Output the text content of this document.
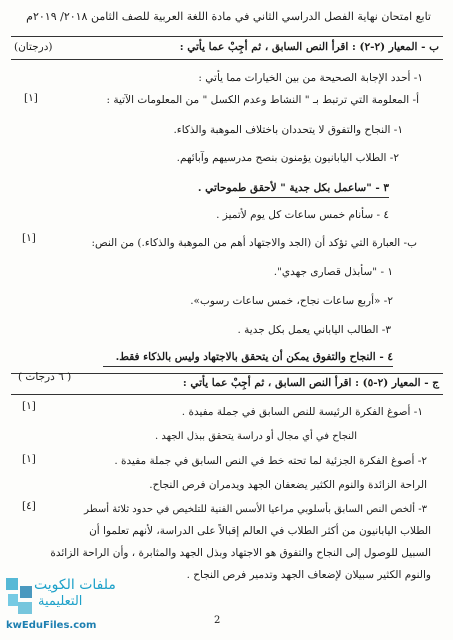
تابع امتحان نهاية الفصل الدراسي الثاني في مادة اللغة العربية للصف الثامن ٢٠١٨/ ٢٠١٩م
ب - المعيار (٢-٢) : اقرأ النص السابق ، ثم أجِبْ عما يأتي :
(درجتان)
١- أحدد الإجابة الصحيحة من بين الخيارات مما يأتي :
أ- المعلومة التي ترتبط بـ " النشاط وعدم الكسل " من المعلومات الآتية :
[١]
١- النجاح والتفوق لا يتحددان باختلاف الموهبة والذكاء.
٢- الطلاب اليابانيون يؤمنون بنصح مدرسيهم وآبائهم.
٣ - "ساعمل بكل جدية " لأحقق طموحاتي .
٤ - سأنام خمس ساعات كل يوم لأتميز .
ب- العبارة التي تؤكد أن (الجد والاجتهاد أهم من الموهبة والذكاء.) من النص:
[١]
١ - "سأبذل قصارى جهدي".
٢- «أربع ساعات نجاح، خمس ساعات رسوب».
٣- الطالب الياباني يعمل بكل جدية .
٤ - النجاح والتفوق يمكن أن يتحقق بالاجتهاد وليس بالذكاء فقط.
ج - المعيار (٢-٥) : اقرأ النص السابق ، ثم أجِبْ عما يأتي :
( ٦ درجات )
١- أصوغ الفكرة الرئيسة للنص السابق في جملة مفيدة .
[١]
النجاح في أي مجال أو دراسة يتحقق ببذل الجهد .
٢- أصوغ الفكرة الجزئية لما تحته خط في النص السابق في جملة مفيدة .
[١]
الراحة الزائدة والنوم الكثير يضعفان الجهد ويدمران فرص النجاح.
٣- ألخص النص السابق بأسلوبي مراعيا الأسس الفنية للتلخيص في حدود ثلاثة أسطر
[٤]
الطلاب اليابانيون من أكثر الطلاب في العالم إقبالاً على الدراسة، لأنهم تعلموا أن
السبيل للوصول إلى النجاح والتفوق هو الاجتهاد وبذل الجهد والمثابرة ، وأن الراحة الزائدة
والنوم الكثير سبيلان لإضعاف الجهد وتدمير فرص النجاح .
2
ملفات الكويت
التعليمية
kwEduFiles.com
